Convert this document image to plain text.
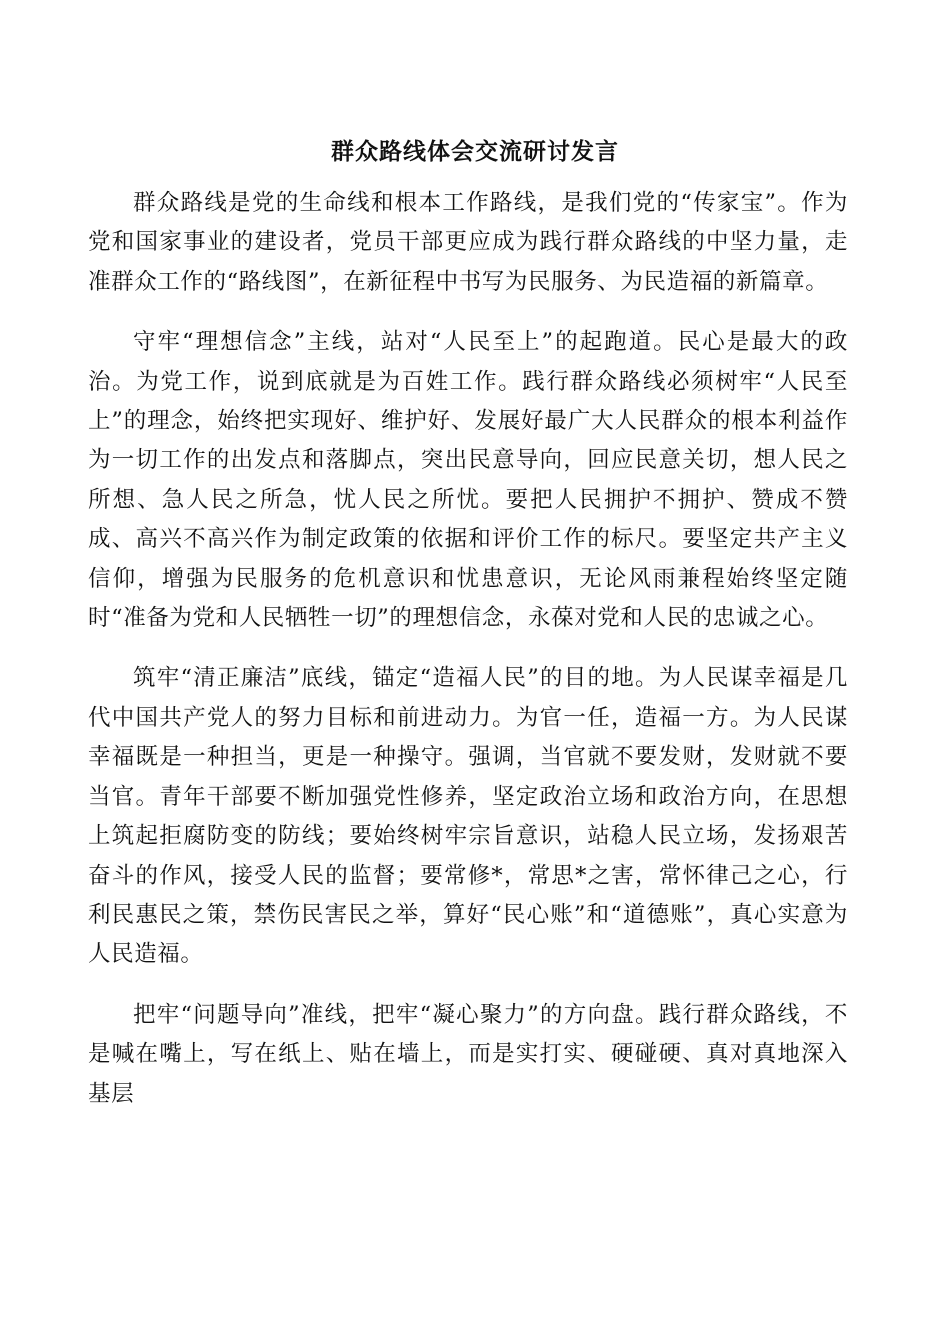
群众路线体会交流研讨发言

群众路线是党的生命线和根本工作路线，是我们党的“传家宝”。作为党和国家事业的建设者，党员干部更应成为践行群众路线的中坚力量，走准群众工作的“路线图”，在新征程中书写为民服务、为民造福的新篇章。

守牢“理想信念”主线，站对“人民至上”的起跑道。民心是最大的政治。为党工作，说到底就是为百姓工作。践行群众路线必须树牢“人民至上”的理念，始终把实现好、维护好、发展好最广大人民群众的根本利益作为一切工作的出发点和落脚点，突出民意导向，回应民意关切，想人民之所想、急人民之所急，忧人民之所忧。要把人民拥护不拥护、赞成不赞成、高兴不高兴作为制定政策的依据和评价工作的标尺。要坚定共产主义信仰，增强为民服务的危机意识和忧患意识，无论风雨兼程始终坚定随时“准备为党和人民牺牲一切”的理想信念，永葆对党和人民的忠诚之心。

筑牢“清正廉洁”底线，锚定“造福人民”的目的地。为人民谋幸福是几代中国共产党人的努力目标和前进动力。为官一任，造福一方。为人民谋幸福既是一种担当，更是一种操守。强调，当官就不要发财，发财就不要当官。青年干部要不断加强党性修养，坚定政治立场和政治方向，在思想上筑起拒腐防变的防线；要始终树牢宗旨意识，站稳人民立场，发扬艰苦奋斗的作风，接受人民的监督；要常修*，常思*之害，常怀律己之心，行利民惠民之策，禁伤民害民之举，算好“民心账”和“道德账”，真心实意为人民造福。

把牢“问题导向”准线，把牢“凝心聚力”的方向盘。践行群众路线，不是喊在嘴上，写在纸上、贴在墙上，而是实打实、硬碰硬、真对真地深入基层
